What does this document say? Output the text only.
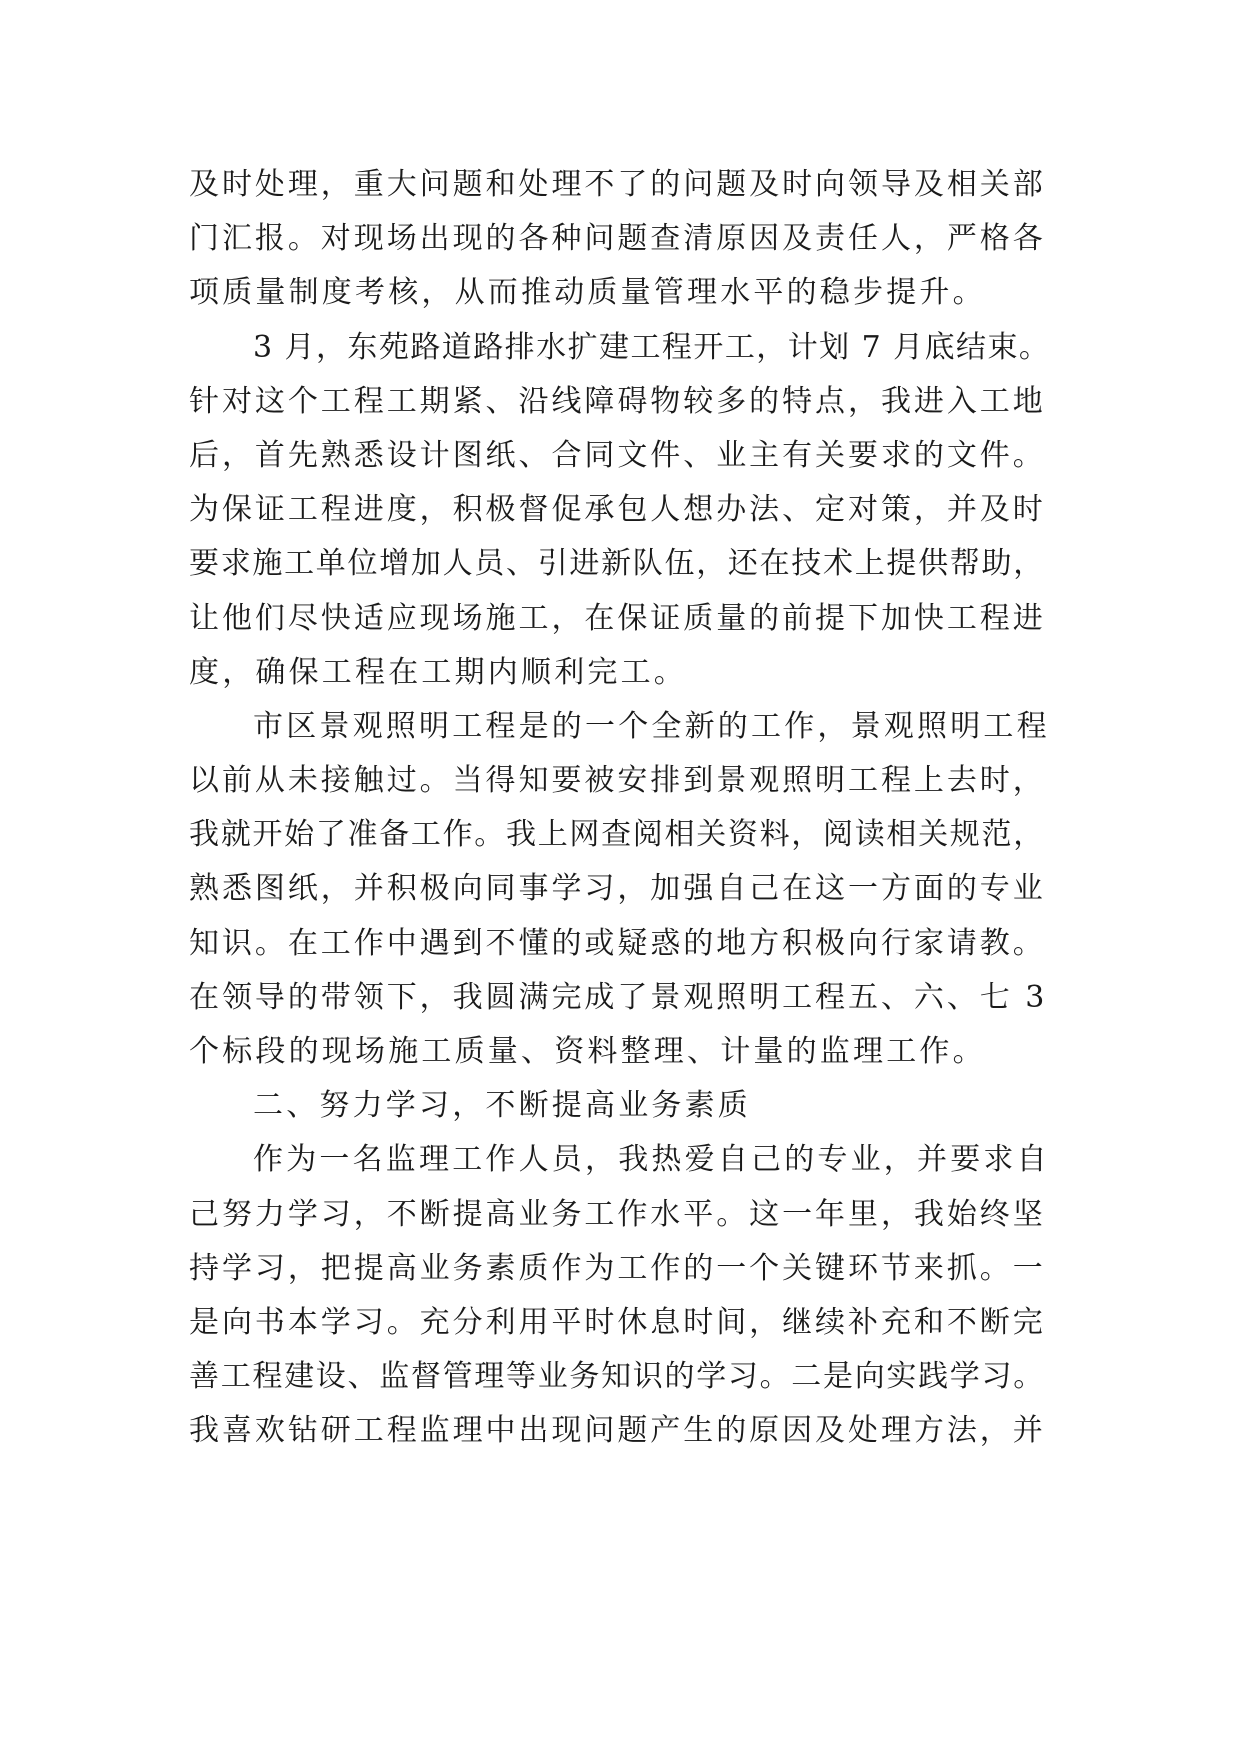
及时处理，重大问题和处理不了的问题及时向领导及相关部
门汇报。对现场出现的各种问题查清原因及责任人，严格各
项质量制度考核，从而推动质量管理水平的稳步提升。
3 月，东苑路道路排水扩建工程开工，计划 7 月底结束。
针对这个工程工期紧、沿线障碍物较多的特点，我进入工地
后，首先熟悉设计图纸、合同文件、业主有关要求的文件。
为保证工程进度，积极督促承包人想办法、定对策，并及时
要求施工单位增加人员、引进新队伍，还在技术上提供帮助，
让他们尽快适应现场施工，在保证质量的前提下加快工程进
度，确保工程在工期内顺利完工。
市区景观照明工程是的一个全新的工作，景观照明工程
以前从未接触过。当得知要被安排到景观照明工程上去时，
我就开始了准备工作。我上网查阅相关资料，阅读相关规范，
熟悉图纸，并积极向同事学习，加强自己在这一方面的专业
知识。在工作中遇到不懂的或疑惑的地方积极向行家请教。
在领导的带领下，我圆满完成了景观照明工程五、六、七 3
个标段的现场施工质量、资料整理、计量的监理工作。
二、努力学习，不断提高业务素质
作为一名监理工作人员，我热爱自己的专业，并要求自
己努力学习，不断提高业务工作水平。这一年里，我始终坚
持学习，把提高业务素质作为工作的一个关键环节来抓。一
是向书本学习。充分利用平时休息时间，继续补充和不断完
善工程建设、监督管理等业务知识的学习。二是向实践学习。
我喜欢钻研工程监理中出现问题产生的原因及处理方法，并
